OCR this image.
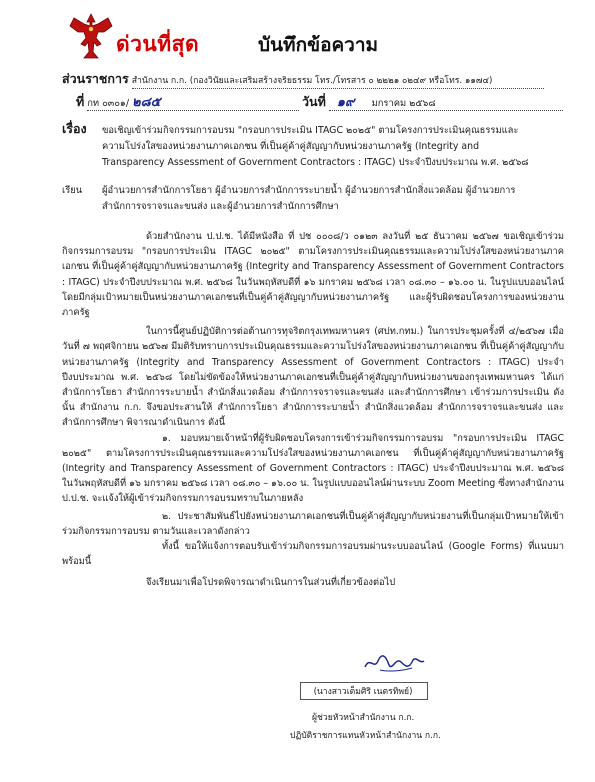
ด่วนที่สุด	บันทึกข้อความ
ส่วนราชการ สำนักงาน ก.ก. (กองวินัยและเสริมสร้างจริยธรรม โทร./โทรสาร ๐ ๒๒๒๑ ๐๒๔๙ หรือโทร. ๑๑๗๔)
ที่ กท ๐๓๐๑/ ๒๘๕	วันที่ ๑๙ มกราคม ๒๕๖๘
เรื่อง ขอเชิญเข้าร่วมกิจกรรมการอบรม "กรอบการประเมิน ITAGC ๒๐๒๕" ตามโครงการประเมินคุณธรรมและ
ความโปร่งใสของหน่วยงานภาคเอกชน ที่เป็นคู่ค้าคู่สัญญากับหน่วยงานภาครัฐ (Integrity and
Transparency Assessment of Government Contractors : ITAGC) ประจำปีงบประมาณ พ.ศ. ๒๕๖๘
เรียน ผู้อำนวยการสำนักการโยธา ผู้อำนวยการสำนักการระบายน้ำ ผู้อำนวยการสำนักสิ่งแวดล้อม ผู้อำนวยการ
สำนักการจราจรและขนส่ง และผู้อำนวยการสำนักการศึกษา

ด้วยสำนักงาน ป.ป.ช. ได้มีหนังสือ ที่ ปช ๐๐๐๘/ว ๐๑๒๓ ลงวันที่ ๒๕ ธันวาคม ๒๕๖๗ ขอเชิญเข้าร่วมกิจกรรมการอบรม "กรอบการประเมิน ITAGC ๒๐๒๕" ตามโครงการประเมินคุณธรรมและความโปร่งใสของหน่วยงานภาคเอกชน ที่เป็นคู่ค้าคู่สัญญากับหน่วยงานภาครัฐ (Integrity and Transparency Assessment of Government Contractors : ITAGC) ประจำปีงบประมาณ พ.ศ. ๒๕๖๘ ในวันพฤหัสบดีที่ ๑๖ มกราคม ๒๕๖๘ เวลา ๐๘.๓๐ – ๑๖.๐๐ น. ในรูปแบบออนไลน์โดยมีกลุ่มเป้าหมายเป็นหน่วยงานภาคเอกชนที่เป็นคู่ค้าคู่สัญญากับหน่วยงานภาครัฐ และผู้รับผิดชอบโครงการของหน่วยงานภาครัฐ

ในการนี้ศูนย์ปฏิบัติการต่อต้านการทุจริตกรุงเทพมหานคร (ศปท.กทม.) ในการประชุมครั้งที่ ๔/๒๕๖๗ เมื่อวันที่ ๗ พฤศจิกายน ๒๕๖๗ มีมติรับทราบการประเมินคุณธรรมและความโปร่งใสของหน่วยงานภาคเอกชน ที่เป็นคู่ค้าคู่สัญญากับหน่วยงานภาครัฐ (Integrity and Transparency Assessment of Government Contractors : ITAGC) ประจำปีงบประมาณ พ.ศ. ๒๕๖๘ โดยไม่ขัดข้องให้หน่วยงานภาคเอกชนที่เป็นคู่ค้าคู่สัญญากับหน่วยงานของกรุงเทพมหานคร ได้แก่ สำนักการโยธา สำนักการระบายน้ำ สำนักสิ่งแวดล้อม สำนักการจราจรและขนส่ง และสำนักการศึกษา เข้าร่วมการประเมิน ดังนั้น สำนักงาน ก.ก. จึงขอประสานให้ สำนักการโยธา สำนักการระบายน้ำ สำนักสิ่งแวดล้อม สำนักการจราจรและขนส่ง และสำนักการศึกษา พิจารณาดำเนินการ ดังนี้

๑. มอบหมายเจ้าหน้าที่ผู้รับผิดชอบโครงการเข้าร่วมกิจกรรมการอบรม "กรอบการประเมิน ITAGC ๒๐๒๕" ตามโครงการประเมินคุณธรรมและความโปร่งใสของหน่วยงานภาคเอกชน ที่เป็นคู่ค้าคู่สัญญากับหน่วยงานภาครัฐ (Integrity and Transparency Assessment of Government Contractors : ITAGC) ประจำปีงบประมาณ พ.ศ. ๒๕๖๘ ในวันพฤหัสบดีที่ ๑๖ มกราคม ๒๕๖๘ เวลา ๐๘.๓๐ – ๑๖.๐๐ น. ในรูปแบบออนไลน์ผ่านระบบ Zoom Meeting ซึ่งทางสำนักงาน ป.ป.ช. จะแจ้งให้ผู้เข้าร่วมกิจกรรมการอบรมทราบในภายหลัง

๒. ประชาสัมพันธ์ไปยังหน่วยงานภาคเอกชนที่เป็นคู่ค้าคู่สัญญากับหน่วยงานที่เป็นกลุ่มเป้าหมายให้เข้าร่วมกิจกรรมการอบรม ตามวันและเวลาดังกล่าว

ทั้งนี้ ขอให้แจ้งการตอบรับเข้าร่วมกิจกรรมการอบรมผ่านระบบออนไลน์ (Google Forms) ที่แนบมาพร้อมนี้

จึงเรียนมาเพื่อโปรดพิจารณาดำเนินการในส่วนที่เกี่ยวข้องต่อไป

(นางสาวเต็มศิริ เนตรทิพย์)
ผู้ช่วยหัวหน้าสำนักงาน ก.ก.
ปฏิบัติราชการแทนหัวหน้าสำนักงาน ก.ก.
